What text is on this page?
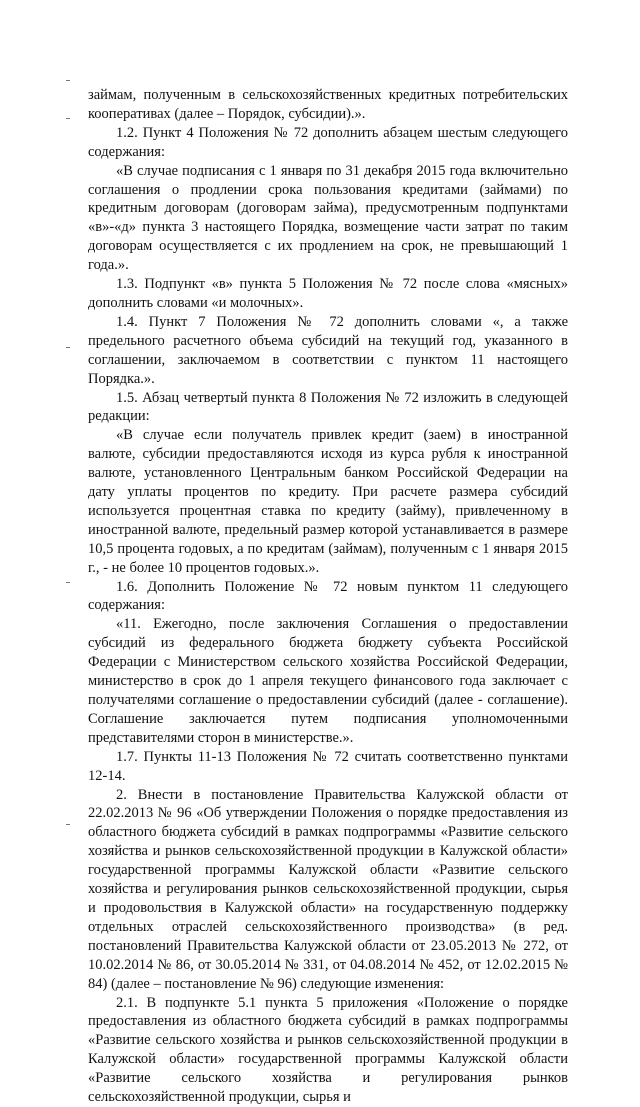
займам, полученным в сельскохозяйственных кредитных потребительских кооперативах (далее – Порядок, субсидии).».

1.2. Пункт 4 Положения № 72 дополнить абзацем шестым следующего содержания:

«В случае подписания с 1 января по 31 декабря 2015 года включительно соглашения о продлении срока пользования кредитами (займами) по кредитным договорам (договорам займа), предусмотренным подпунктами «в»-«д» пункта 3 настоящего Порядка, возмещение части затрат по таким договорам осуществляется с их продлением на срок, не превышающий 1 года.».

1.3. Подпункт «в» пункта 5 Положения № 72 после слова «мясных» дополнить словами «и молочных».

1.4. Пункт 7 Положения № 72 дополнить словами «, а также предельного расчетного объема субсидий на текущий год, указанного в соглашении, заключаемом в соответствии с пунктом 11 настоящего Порядка.».

1.5. Абзац четвертый пункта 8 Положения № 72 изложить в следующей редакции:

«В случае если получатель привлек кредит (заем) в иностранной валюте, субсидии предоставляются исходя из курса рубля к иностранной валюте, установленного Центральным банком Российской Федерации на дату уплаты процентов по кредиту. При расчете размера субсидий используется процентная ставка по кредиту (займу), привлеченному в иностранной валюте, предельный размер которой устанавливается в размере 10,5 процента годовых, а по кредитам (займам), полученным с 1 января 2015 г., - не более 10 процентов годовых.».

1.6. Дополнить Положение № 72 новым пунктом 11 следующего содержания:

«11. Ежегодно, после заключения Соглашения о предоставлении субсидий из федерального бюджета бюджету субъекта Российской Федерации с Министерством сельского хозяйства Российской Федерации, министерство в срок до 1 апреля текущего финансового года заключает с получателями соглашение о предоставлении субсидий (далее - соглашение). Соглашение заключается путем подписания уполномоченными представителями сторон в министерстве.».

1.7. Пункты 11-13 Положения № 72 считать соответственно пунктами 12-14.

2. Внести в постановление Правительства Калужской области от 22.02.2013 № 96 «Об утверждении Положения о порядке предоставления из областного бюджета субсидий в рамках подпрограммы «Развитие сельского хозяйства и рынков сельскохозяйственной продукции в Калужской области» государственной программы Калужской области «Развитие сельского хозяйства и регулирования рынков сельскохозяйственной продукции, сырья и продовольствия в Калужской области» на государственную поддержку отдельных отраслей сельскохозяйственного производства» (в ред. постановлений Правительства Калужской области от 23.05.2013 № 272, от 10.02.2014 № 86, от 30.05.2014 № 331, от 04.08.2014 № 452, от 12.02.2015 № 84) (далее – постановление № 96) следующие изменения:

2.1. В подпункте 5.1 пункта 5 приложения «Положение о порядке предоставления из областного бюджета субсидий в рамках подпрограммы «Развитие сельского хозяйства и рынков сельскохозяйственной продукции в Калужской области» государственной программы Калужской области «Развитие сельского хозяйства и регулирования рынков сельскохозяйственной продукции, сырья и
